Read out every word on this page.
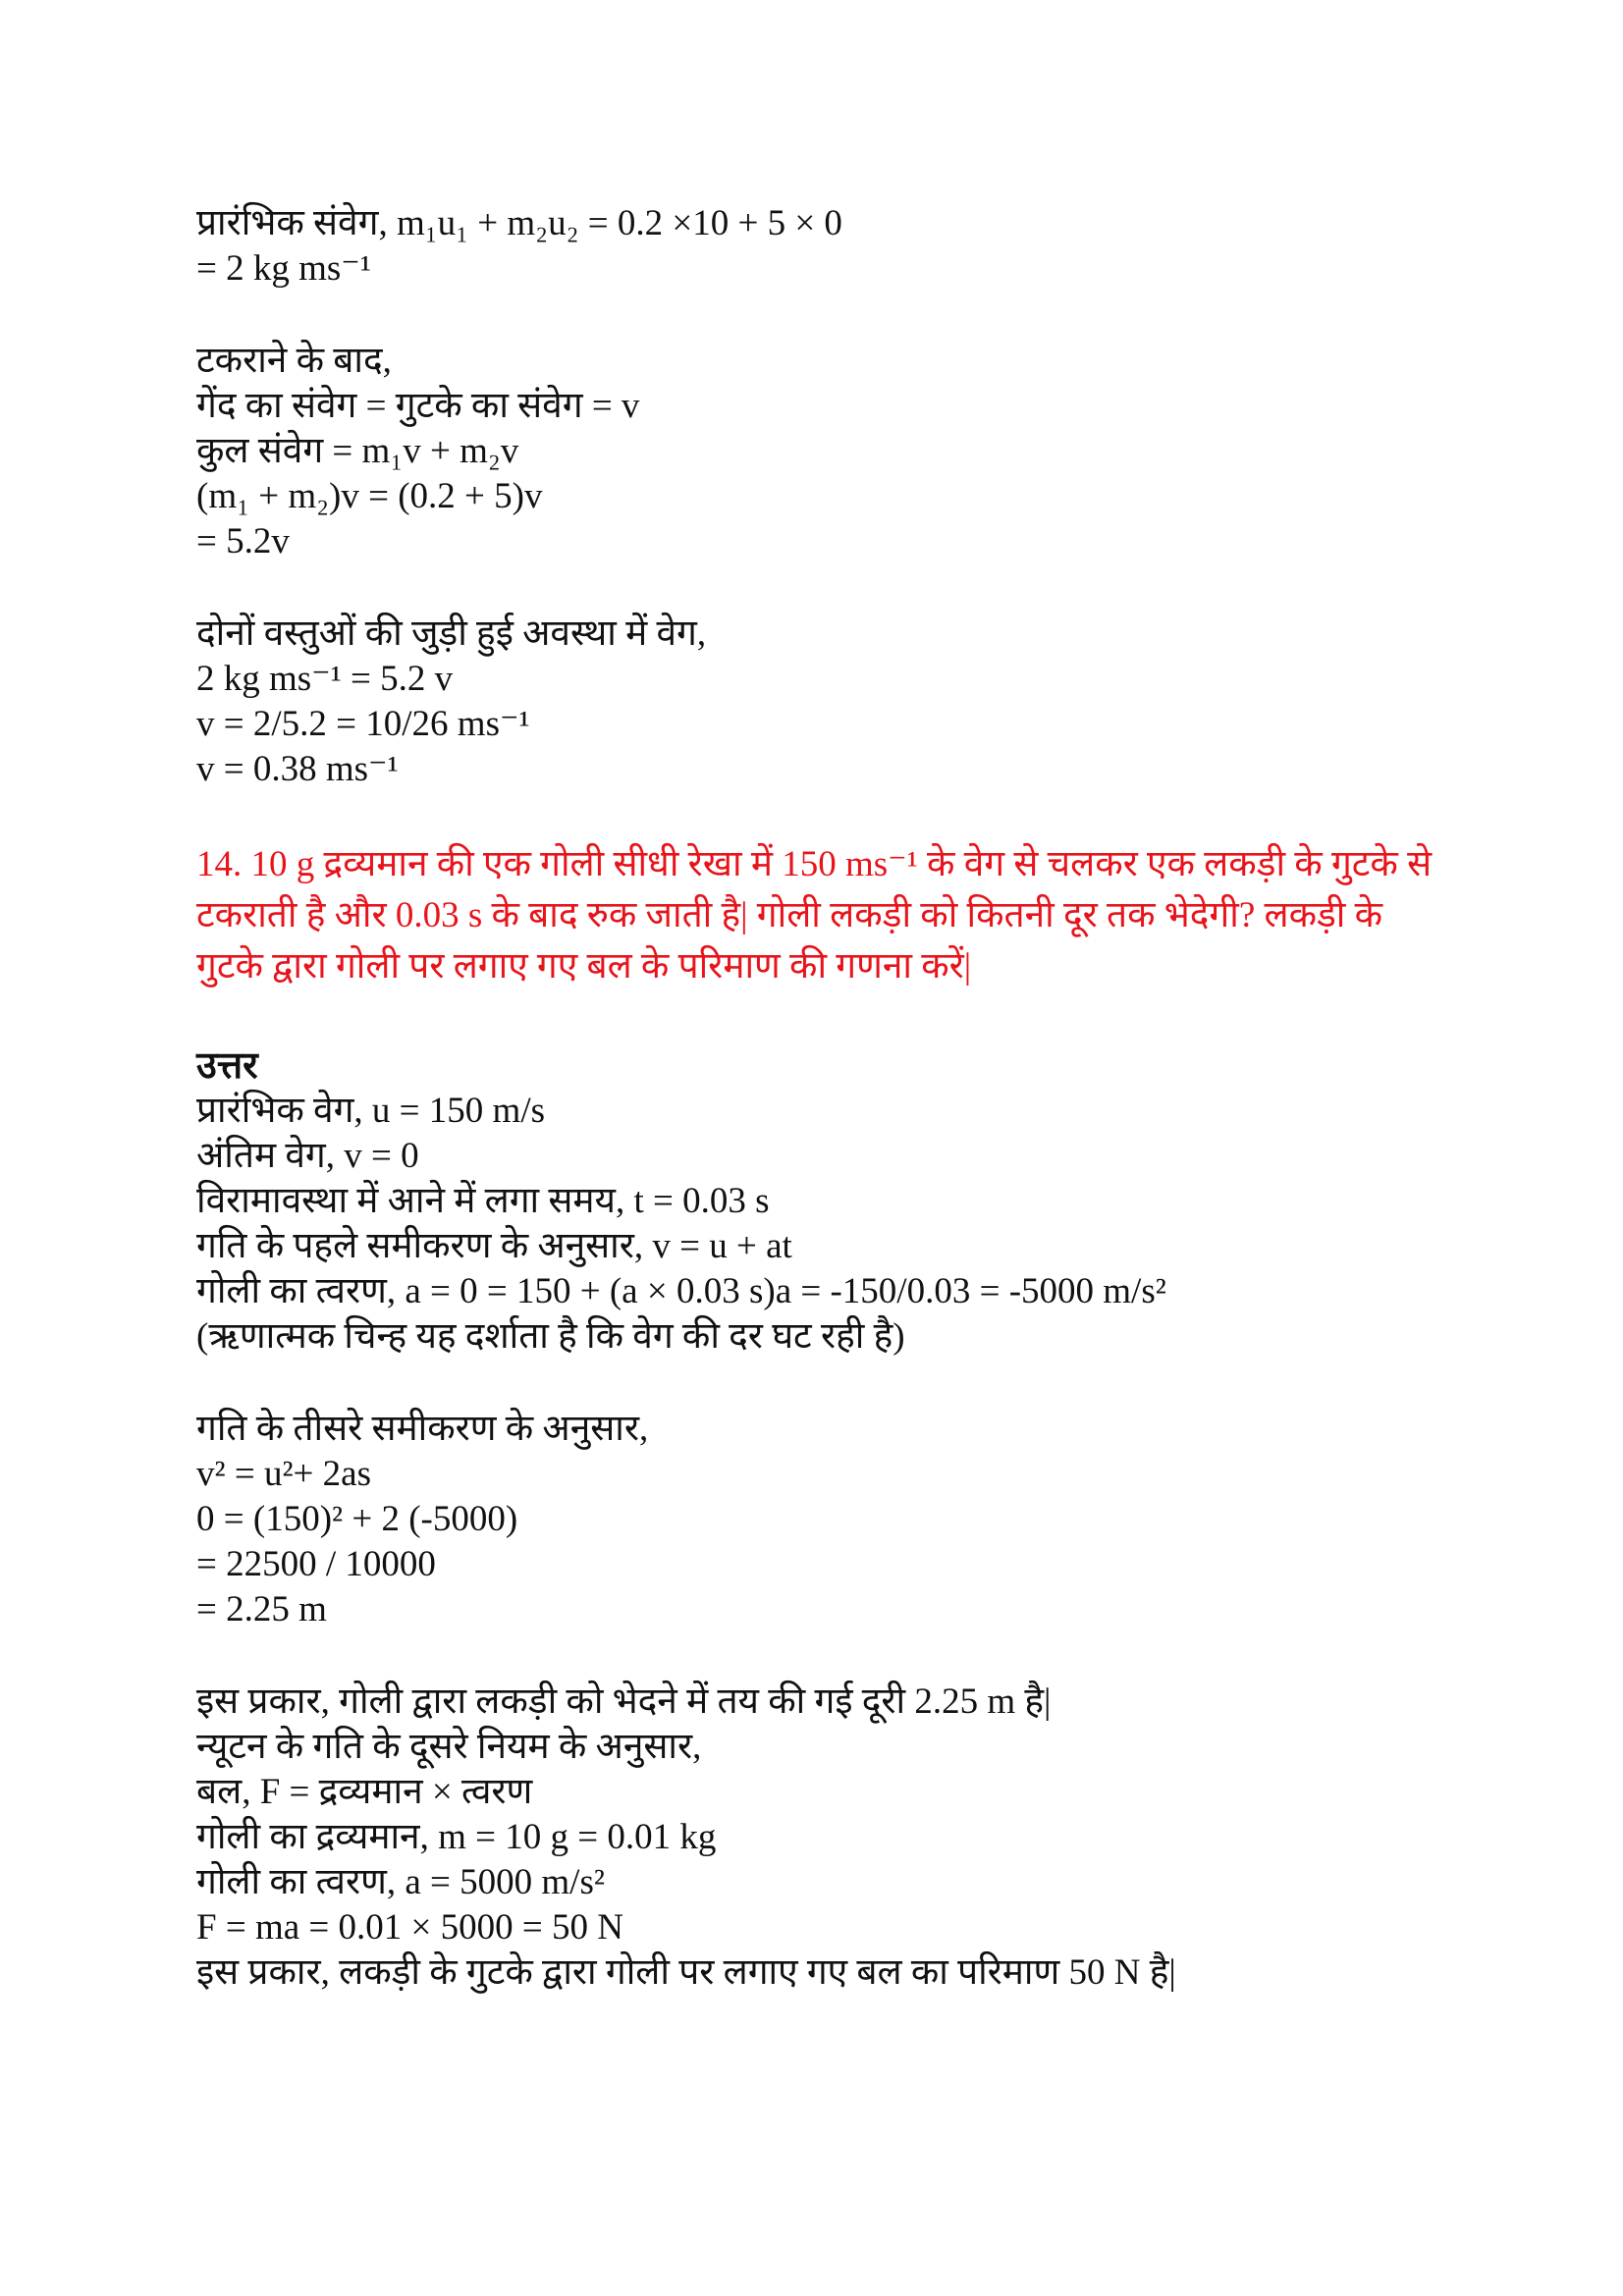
प्रारंभिक संवेग, m₁u₁ + m₂u₂ = 0.2 ×10 + 5 × 0
= 2 kg ms⁻¹
टकराने के बाद,
गेंद का संवेग = गुटके का संवेग = v
कुल संवेग = m₁v + m₂v
(m₁ + m₂)v = (0.2 + 5)v
= 5.2v
दोनों वस्तुओं की जुड़ी हुई अवस्था में वेग,
2 kg ms⁻¹ = 5.2 v
v = 2/5.2 = 10/26 ms⁻¹
v = 0.38 ms⁻¹
14. 10 g द्रव्यमान की एक गोली सीधी रेखा में 150 ms⁻¹ के वेग से चलकर एक लकड़ी के गुटके से टकराती है और 0.03 s के बाद रुक जाती है| गोली लकड़ी को कितनी दूर तक भेदेगी? लकड़ी के गुटके द्वारा गोली पर लगाए गए बल के परिमाण की गणना करें|
उत्तर
प्रारंभिक वेग, u = 150 m/s
अंतिम वेग, v = 0
विरामावस्था में आने में लगा समय, t = 0.03 s
गति के पहले समीकरण के अनुसार, v = u + at
गोली का त्वरण, a = 0 = 150 + (a × 0.03 s)a = -150/0.03 = -5000 m/s²
(ऋणात्मक चिन्ह यह दर्शाता है कि वेग की दर घट रही है)
गति के तीसरे समीकरण के अनुसार,
v² = u²+ 2as
0 = (150)² + 2 (-5000)
= 22500 / 10000
= 2.25 m
इस प्रकार, गोली द्वारा लकड़ी को भेदने में तय की गई दूरी 2.25 m है|
न्यूटन के गति के दूसरे नियम के अनुसार,
बल, F = द्रव्यमान × त्वरण
गोली का द्रव्यमान, m = 10 g = 0.01 kg
गोली का त्वरण, a = 5000 m/s²
F = ma = 0.01 × 5000 = 50 N
इस प्रकार, लकड़ी के गुटके द्वारा गोली पर लगाए गए बल का परिमाण 50 N है|
